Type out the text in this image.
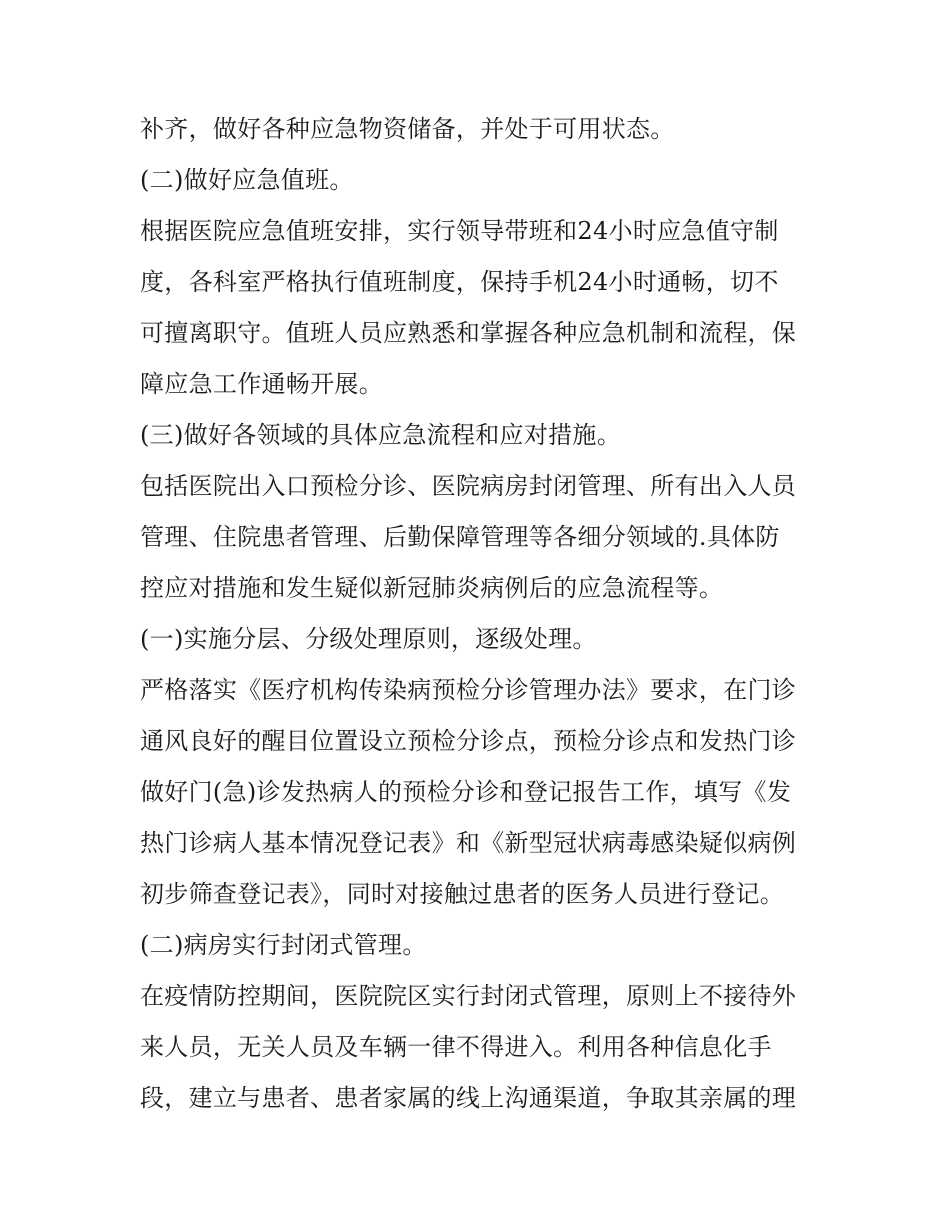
补齐，做好各种应急物资储备，并处于可用状态。

(二)做好应急值班。

根据医院应急值班安排，实行领导带班和24小时应急值守制

度，各科室严格执行值班制度，保持手机24小时通畅，切不

可擅离职守。值班人员应熟悉和掌握各种应急机制和流程，保

障应急工作通畅开展。

(三)做好各领域的具体应急流程和应对措施。

包括医院出入口预检分诊、医院病房封闭管理、所有出入人员

管理、住院患者管理、后勤保障管理等各细分领域的.具体防

控应对措施和发生疑似新冠肺炎病例后的应急流程等。

(一)实施分层、分级处理原则，逐级处理。

严格落实《医疗机构传染病预检分诊管理办法》要求，在门诊

通风良好的醒目位置设立预检分诊点，预检分诊点和发热门诊

做好门(急)诊发热病人的预检分诊和登记报告工作，填写《发

热门诊病人基本情况登记表》和《新型冠状病毒感染疑似病例

初步筛查登记表》，同时对接触过患者的医务人员进行登记。

(二)病房实行封闭式管理。

在疫情防控期间，医院院区实行封闭式管理，原则上不接待外

来人员，无关人员及车辆一律不得进入。利用各种信息化手

段，建立与患者、患者家属的线上沟通渠道，争取其亲属的理
